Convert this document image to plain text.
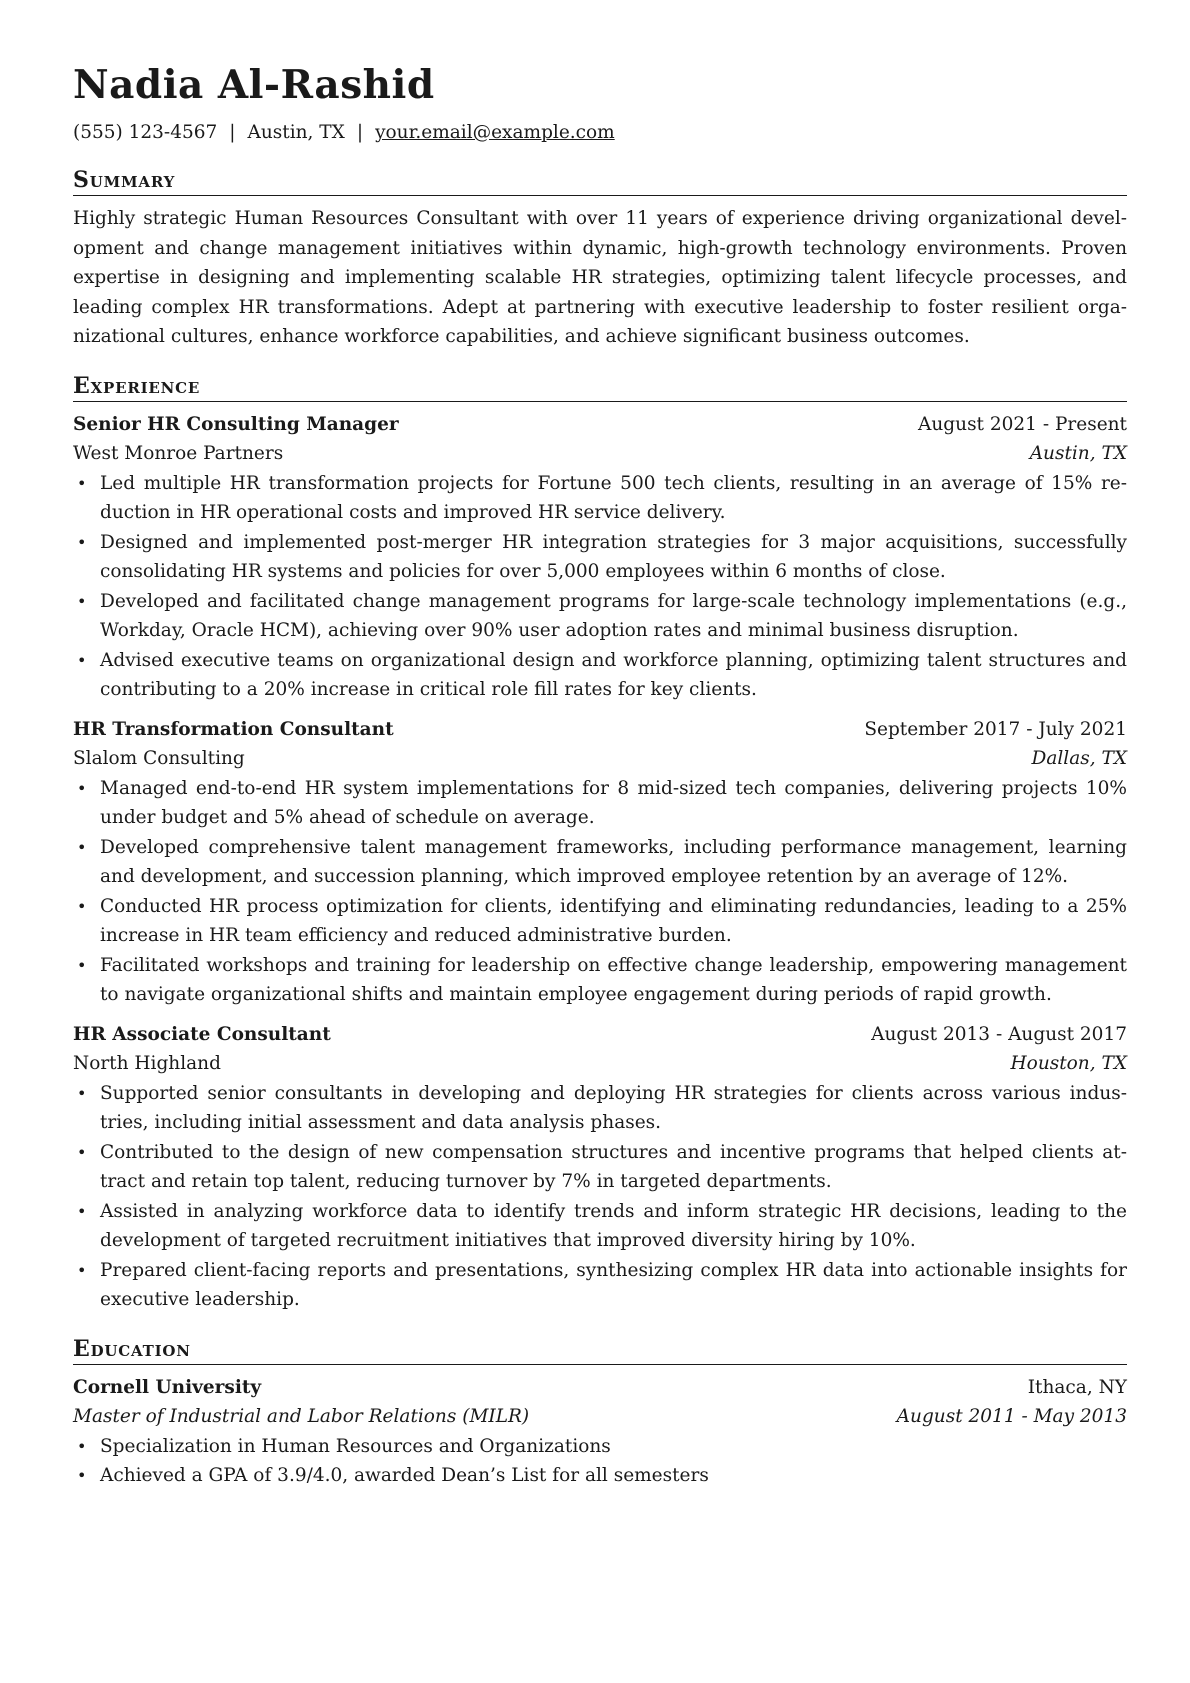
Nadia Al-Rashid
(555) 123-4567 | Austin, TX | your.email@example.com
Summary
Highly strategic Human Resources Consultant with over 11 years of experience driving organizational development and change management initiatives within dynamic, high-growth technology environments. Proven expertise in designing and implementing scalable HR strategies, optimizing talent lifecycle processes, and leading complex HR transformations. Adept at partnering with executive leadership to foster resilient organizational cultures, enhance workforce capabilities, and achieve significant business outcomes.
Experience
Senior HR Consulting Manager	August 2021 - Present
West Monroe Partners	Austin, TX
• Led multiple HR transformation projects for Fortune 500 tech clients, resulting in an average of 15% reduction in HR operational costs and improved HR service delivery.
• Designed and implemented post-merger HR integration strategies for 3 major acquisitions, successfully consolidating HR systems and policies for over 5,000 employees within 6 months of close.
• Developed and facilitated change management programs for large-scale technology implementations (e.g., Workday, Oracle HCM), achieving over 90% user adoption rates and minimal business disruption.
• Advised executive teams on organizational design and workforce planning, optimizing talent structures and contributing to a 20% increase in critical role fill rates for key clients.
HR Transformation Consultant	September 2017 - July 2021
Slalom Consulting	Dallas, TX
• Managed end-to-end HR system implementations for 8 mid-sized tech companies, delivering projects 10% under budget and 5% ahead of schedule on average.
• Developed comprehensive talent management frameworks, including performance management, learning and development, and succession planning, which improved employee retention by an average of 12%.
• Conducted HR process optimization for clients, identifying and eliminating redundancies, leading to a 25% increase in HR team efficiency and reduced administrative burden.
• Facilitated workshops and training for leadership on effective change leadership, empowering management to navigate organizational shifts and maintain employee engagement during periods of rapid growth.
HR Associate Consultant	August 2013 - August 2017
North Highland	Houston, TX
• Supported senior consultants in developing and deploying HR strategies for clients across various industries, including initial assessment and data analysis phases.
• Contributed to the design of new compensation structures and incentive programs that helped clients attract and retain top talent, reducing turnover by 7% in targeted departments.
• Assisted in analyzing workforce data to identify trends and inform strategic HR decisions, leading to the development of targeted recruitment initiatives that improved diversity hiring by 10%.
• Prepared client-facing reports and presentations, synthesizing complex HR data into actionable insights for executive leadership.
Education
Cornell University	Ithaca, NY
Master of Industrial and Labor Relations (MILR)	August 2011 - May 2013
• Specialization in Human Resources and Organizations
• Achieved a GPA of 3.9/4.0, awarded Dean’s List for all semesters
